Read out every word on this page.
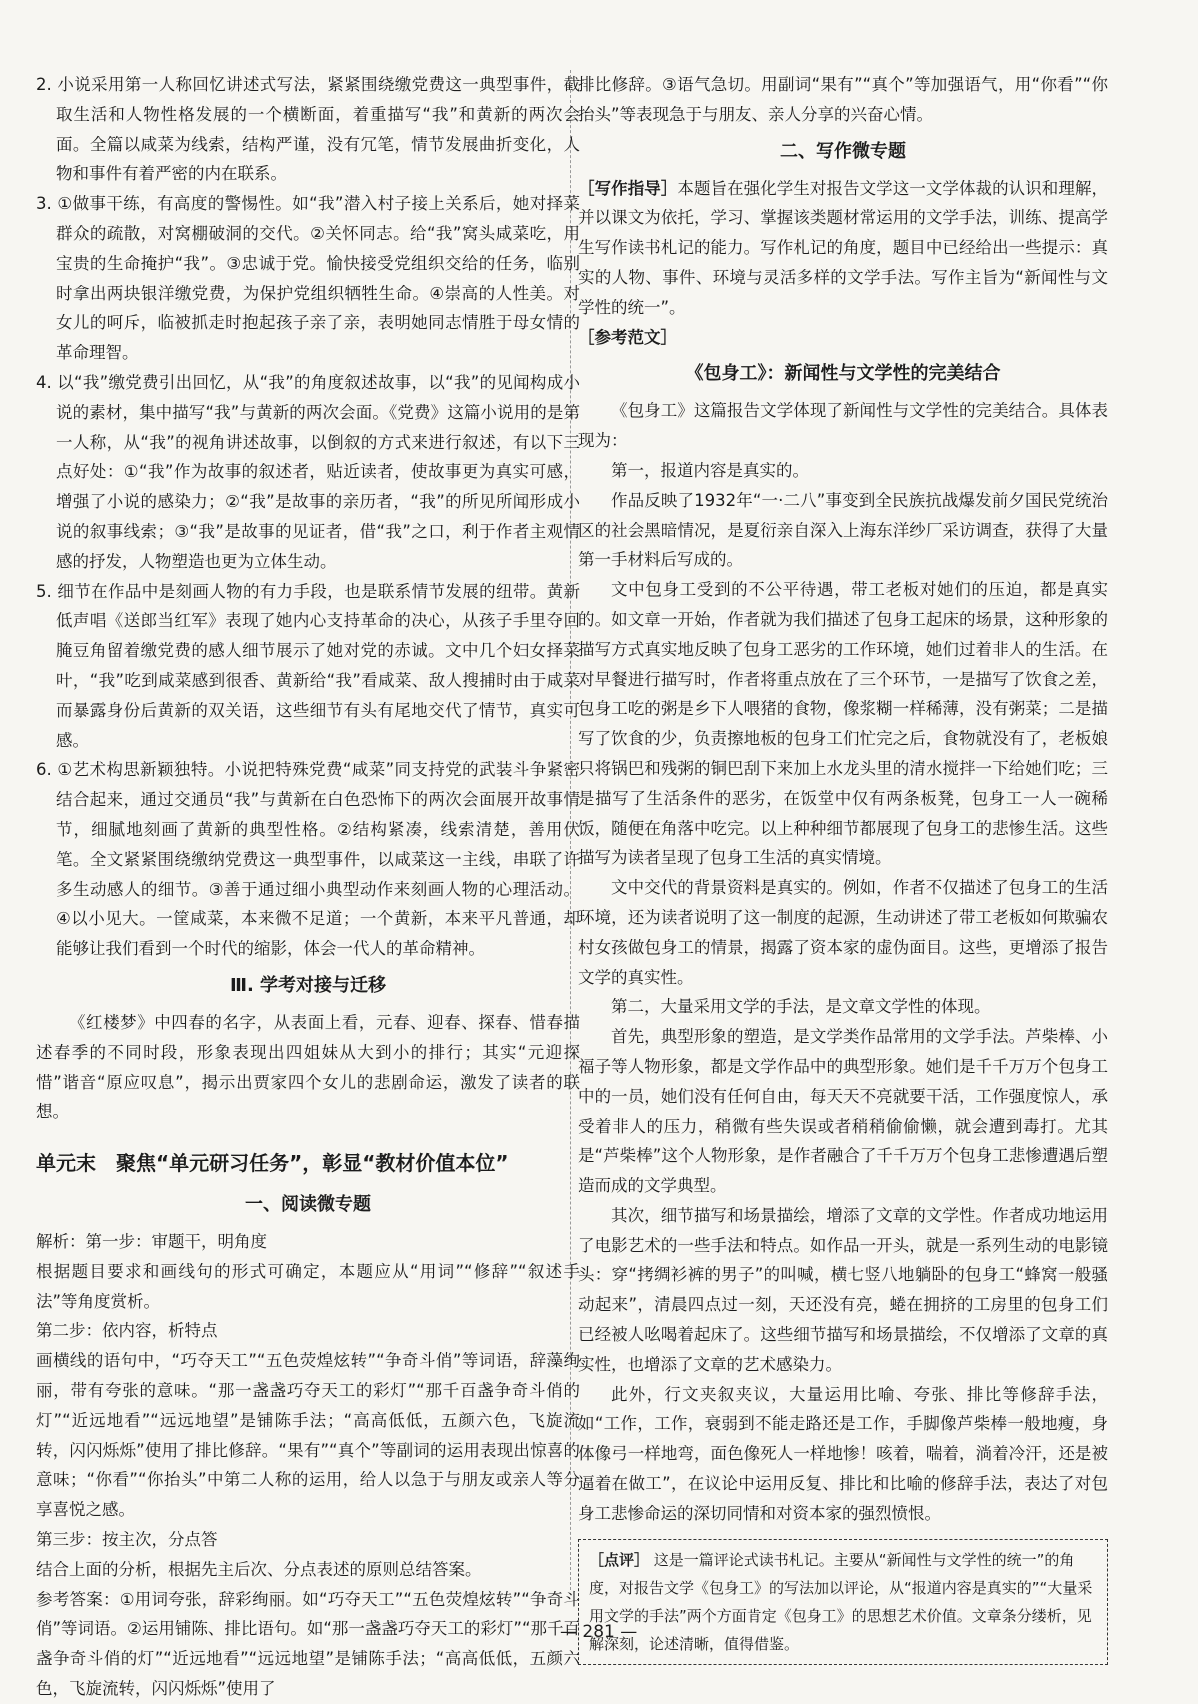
2. 小说采用第一人称回忆讲述式写法，紧紧围绕缴党费这一典型事件，截取生活和人物性格发展的一个横断面，着重描写“我”和黄新的两次会面。全篇以咸菜为线索，结构严谨，没有冗笔，情节发展曲折变化，人物和事件有着严密的内在联系。

3. ①做事干练，有高度的警惕性。如“我”潜入村子接上关系后，她对择菜群众的疏散，对窝棚破洞的交代。②关怀同志。给“我”窝头咸菜吃，用宝贵的生命掩护“我”。③忠诚于党。愉快接受党组织交给的任务，临别时拿出两块银洋缴党费，为保护党组织牺牲生命。④崇高的人性美。对女儿的呵斥，临被抓走时抱起孩子亲了亲，表明她同志情胜于母女情的革命理智。

4. 以“我”缴党费引出回忆，从“我”的角度叙述故事，以“我”的见闻构成小说的素材，集中描写“我”与黄新的两次会面。《党费》这篇小说用的是第一人称，从“我”的视角讲述故事，以倒叙的方式来进行叙述，有以下三点好处：①“我”作为故事的叙述者，贴近读者，使故事更为真实可感，增强了小说的感染力；②“我”是故事的亲历者，“我”的所见所闻形成小说的叙事线索；③“我”是故事的见证者，借“我”之口，利于作者主观情感的抒发，人物塑造也更为立体生动。

5. 细节在作品中是刻画人物的有力手段，也是联系情节发展的纽带。黄新低声唱《送郎当红军》表现了她内心支持革命的决心，从孩子手里夺回腌豆角留着缴党费的感人细节展示了她对党的赤诚。文中几个妇女择菜叶，“我”吃到咸菜感到很香、黄新给“我”看咸菜、敌人搜捕时由于咸菜而暴露身份后黄新的双关语，这些细节有头有尾地交代了情节，真实可感。

6. ①艺术构思新颖独特。小说把特殊党费“咸菜”同支持党的武装斗争紧密结合起来，通过交通员“我”与黄新在白色恐怖下的两次会面展开故事情节，细腻地刻画了黄新的典型性格。②结构紧凑，线索清楚，善用伏笔。全文紧紧围绕缴纳党费这一典型事件，以咸菜这一主线，串联了许多生动感人的细节。③善于通过细小典型动作来刻画人物的心理活动。④以小见大。一筐咸菜，本来微不足道；一个黄新，本来平凡普通，却能够让我们看到一个时代的缩影，体会一代人的革命精神。

Ⅲ. 学考对接与迁移

《红楼梦》中四春的名字，从表面上看，元春、迎春、探春、惜春描述春季的不同时段，形象表现出四姐妹从大到小的排行；其实“元迎探惜”谐音“原应叹息”，揭示出贾家四个女儿的悲剧命运，激发了读者的联想。

单元末　聚焦“单元研习任务”，彰显“教材价值本位”

一、阅读微专题

解析：第一步：审题干，明角度

根据题目要求和画线句的形式可确定，本题应从“用词”“修辞”“叙述手法”等角度赏析。

第二步：依内容，析特点

画横线的语句中，“巧夺天工”“五色荧煌炫转”“争奇斗俏”等词语，辞藻绚丽，带有夸张的意味。“那一盏盏巧夺天工的彩灯”“那千百盏争奇斗俏的灯”“近远地看”“远远地望”是铺陈手法；“高高低低，五颜六色，飞旋流转，闪闪烁烁”使用了排比修辞。“果有”“真个”等副词的运用表现出惊喜的意味；“你看”“你抬头”中第二人称的运用，给人以急于与朋友或亲人等分享喜悦之感。

第三步：按主次，分点答

结合上面的分析，根据先主后次、分点表述的原则总结答案。

参考答案：①用词夸张，辞彩绚丽。如“巧夺天工”“五色荧煌炫转”“争奇斗俏”等词语。②运用铺陈、排比语句。如“那一盏盏巧夺天工的彩灯”“那千百盏争奇斗俏的灯”“近远地看”“远远地望”是铺陈手法；“高高低低，五颜六色，飞旋流转，闪闪烁烁”使用了

排比修辞。③语气急切。用副词“果有”“真个”等加强语气，用“你看”“你抬头”等表现急于与朋友、亲人分享的兴奋心情。

二、写作微专题

［写作指导］本题旨在强化学生对报告文学这一文学体裁的认识和理解，并以课文为依托，学习、掌握该类题材常运用的文学手法，训练、提高学生写作读书札记的能力。写作札记的角度，题目中已经给出一些提示：真实的人物、事件、环境与灵活多样的文学手法。写作主旨为“新闻性与文学性的统一”。

［参考范文］

《包身工》：新闻性与文学性的完美结合

《包身工》这篇报告文学体现了新闻性与文学性的完美结合。具体表现为：

第一，报道内容是真实的。

作品反映了1932年“一·二八”事变到全民族抗战爆发前夕国民党统治区的社会黑暗情况，是夏衍亲自深入上海东洋纱厂采访调查，获得了大量第一手材料后写成的。

文中包身工受到的不公平待遇，带工老板对她们的压迫，都是真实的。如文章一开始，作者就为我们描述了包身工起床的场景，这种形象的描写方式真实地反映了包身工恶劣的工作环境，她们过着非人的生活。在对早餐进行描写时，作者将重点放在了三个环节，一是描写了饮食之差，包身工吃的粥是乡下人喂猪的食物，像浆糊一样稀薄，没有粥菜；二是描写了饮食的少，负责擦地板的包身工们忙完之后，食物就没有了，老板娘只将锅巴和残粥的铜巴刮下来加上水龙头里的清水搅拌一下给她们吃；三是描写了生活条件的恶劣，在饭堂中仅有两条板凳，包身工一人一碗稀饭，随便在角落中吃完。以上种种细节都展现了包身工的悲惨生活。这些描写为读者呈现了包身工生活的真实情境。

文中交代的背景资料是真实的。例如，作者不仅描述了包身工的生活环境，还为读者说明了这一制度的起源，生动讲述了带工老板如何欺骗农村女孩做包身工的情景，揭露了资本家的虚伪面目。这些，更增添了报告文学的真实性。

第二，大量采用文学的手法，是文章文学性的体现。

首先，典型形象的塑造，是文学类作品常用的文学手法。芦柴棒、小福子等人物形象，都是文学作品中的典型形象。她们是千千万万个包身工中的一员，她们没有任何自由，每天天不亮就要干活，工作强度惊人，承受着非人的压力，稍微有些失误或者稍稍偷偷懒，就会遭到毒打。尤其是“芦柴棒”这个人物形象，是作者融合了千千万万个包身工悲惨遭遇后塑造而成的文学典型。

其次，细节描写和场景描绘，增添了文章的文学性。作者成功地运用了电影艺术的一些手法和特点。如作品一开头，就是一系列生动的电影镜头：穿“拷绸衫裤的男子”的叫喊，横七竖八地躺卧的包身工“蜂窝一般骚动起来”，清晨四点过一刻，天还没有亮，蜷在拥挤的工房里的包身工们已经被人吆喝着起床了。这些细节描写和场景描绘，不仅增添了文章的真实性，也增添了文章的艺术感染力。

此外，行文夹叙夹议，大量运用比喻、夸张、排比等修辞手法，如“工作，工作，衰弱到不能走路还是工作，手脚像芦柴棒一般地瘦，身体像弓一样地弯，面色像死人一样地惨！咳着，喘着，淌着冷汗，还是被逼着在做工”，在议论中运用反复、排比和比喻的修辞手法，表达了对包身工悲惨命运的深切同情和对资本家的强烈愤恨。

［点评］ 这是一篇评论式读书札记。主要从“新闻性与文学性的统一”的角度，对报告文学《包身工》的写法加以评论，从“报道内容是真实的”“大量采用文学的手法”两个方面肯定《包身工》的思想艺术价值。文章条分缕析，见解深刻，论述清晰，值得借鉴。
— 281 —
